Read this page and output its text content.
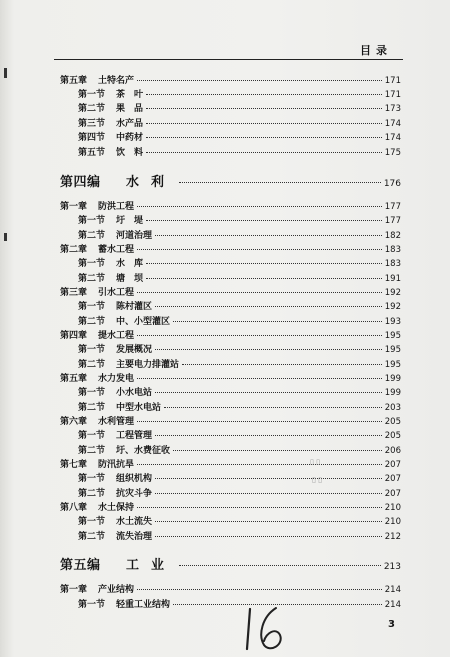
目录
第五章	土特名产	171
第一节	茶　叶	171
第二节	果　品	173
第三节	水产品	174
第四节	中药材	174
第五节	饮　料	175
第四编	水利	176
第一章	防洪工程	177
第一节	圩　堤	177
第二节	河道治理	182
第二章	蓄水工程	183
第一节	水　库	183
第二节	塘　坝	191
第三章	引水工程	192
第一节	陈村灌区	192
第二节	中、小型灌区	193
第四章	提水工程	195
第一节	发展概况	195
第二节	主要电力排灌站	195
第五章	水力发电	199
第一节	小水电站	199
第二节	中型水电站	203
第六章	水利管理	205
第一节	工程管理	205
第二节	圩、水费征收	206
第七章	防汛抗旱	207
第一节	组织机构	207
第二节	抗灾斗争	207
第八章	水土保持	210
第一节	水土流失	210
第二节	流失治理	212
第五编	工业	213
第一章	产业结构	214
第一节	轻重工业结构	214
▯ ▯
▯ ▯
3
